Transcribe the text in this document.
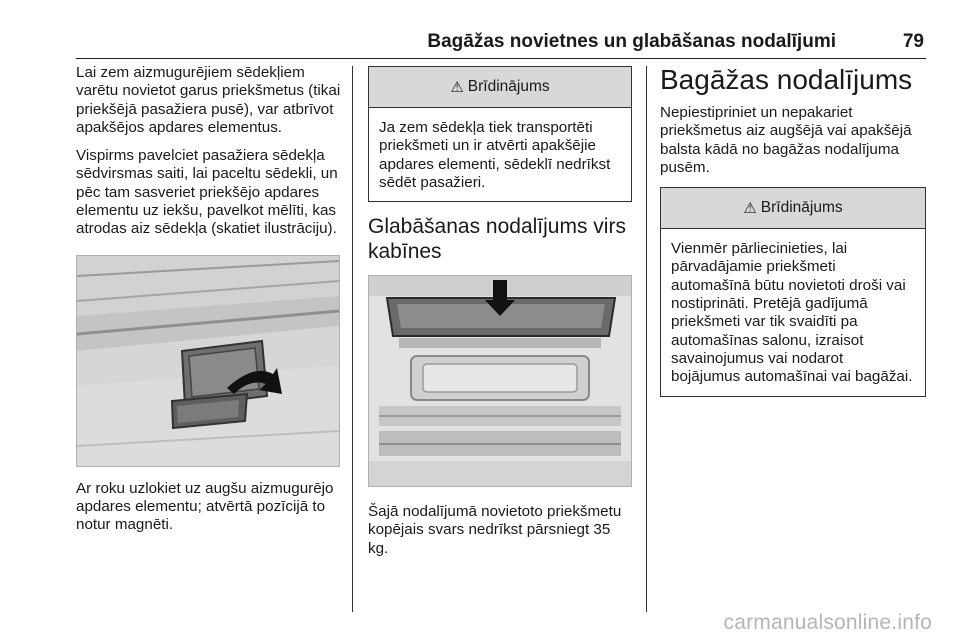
Bagāžas novietnes un glabāšanas nodalījumi	79

Lai zem aizmugurējiem sēdekļiem varētu novietot garus priekšmetus (tikai priekšējā pasažiera pusē), var atbrīvot apakšējos apdares elementus.

Vispirms pavelciet pasažiera sēdekļa sēdvirsmas saiti, lai paceltu sēdekli, un pēc tam sasveriet priekšējo apdares elementu uz iekšu, pavelkot mēlīti, kas atrodas aiz sēdekļa (skatiet ilustrāciju).

Ar roku uzlokiet uz augšu aizmugurējo apdares elementu; atvērtā pozīcijā to notur magnēti.

⚠ Brīdinājums
Ja zem sēdekļa tiek transportēti priekšmeti un ir atvērti apakšējie apdares elementi, sēdeklī nedrīkst sēdēt pasažieri.
Glabāšanas nodalījums virs kabīnes

Šajā nodalījumā novietoto priekšmetu kopējais svars nedrīkst pārsniegt 35 kg.

Bagāžas nodalījums

Nepiestipriniet un nepakariet priekšmetus aiz augšējā vai apakšējā balsta kādā no bagāžas nodalījuma pusēm.

⚠ Brīdinājums
Vienmēr pārliecinieties, lai pārvadājamie priekšmeti automašīnā būtu novietoti droši vai nostiprināti. Pretējā gadījumā priekšmeti var tik svaidīti pa automašīnas salonu, izraisot savainojumus vai nodarot bojājumus automašīnai vai bagāžai.
carmanualsonline.info
